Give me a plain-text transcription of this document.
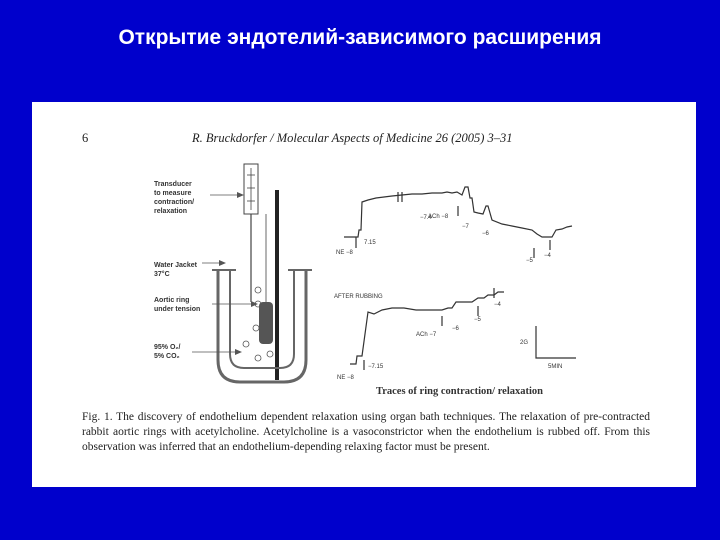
Открытие эндотелий-зависимого расширения
6	R. Bruckdorfer / Molecular Aspects of Medicine 26 (2005) 3–31
Transducer to measure contraction/ relaxation
Water Jacket 37°C
Aortic ring under tension
95% O₂/ 5% CO₂
NE −8
7.15
−7.4
ACh −8
−7
−6
−5
−4
AFTER RUBBING
NE −8
−7.15
ACh −7
−6
−5
−4
2G
5MIN
Traces of ring contraction/ relaxation
Fig. 1. The discovery of endothelium dependent relaxation using organ bath techniques. The relaxation of pre-contracted rabbit aortic rings with acetylcholine. Acetylcholine is a vasoconstrictor when the endothelium is rubbed off. From this observation was inferred that an endothelium-depending relaxing factor must be present.
